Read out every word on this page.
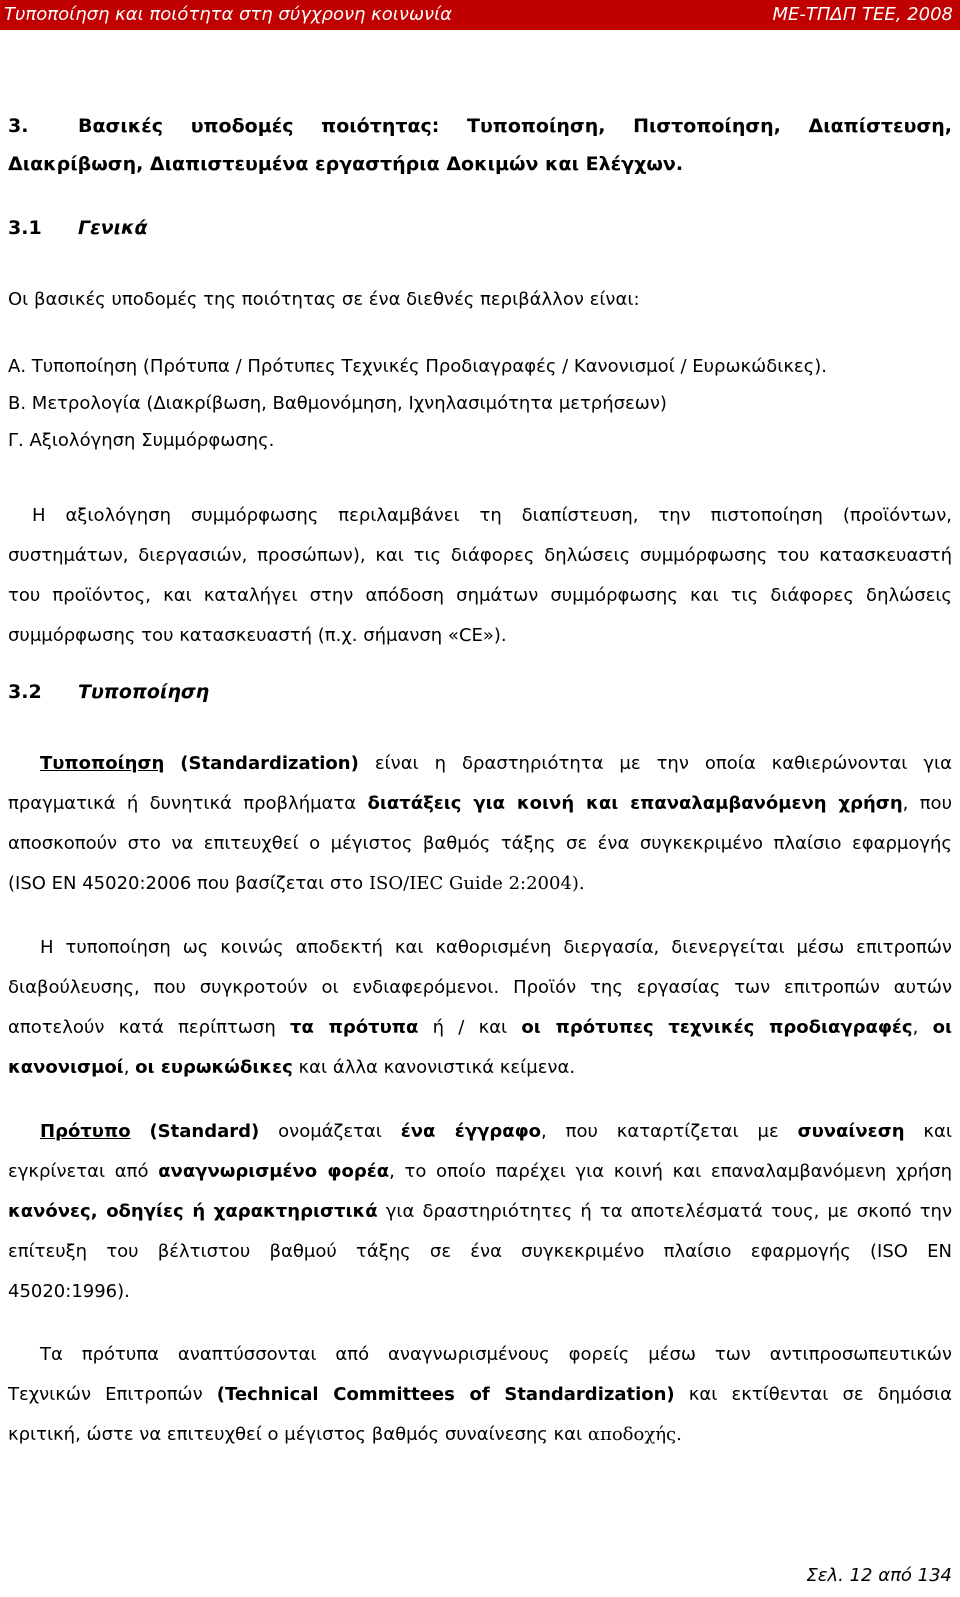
Τυποποίηση και ποιότητα στη σύγχρονη κοινωνία	ΜΕ-ΤΠΔΠ ΤΕΕ, 2008
3.	Βασικές υποδομές ποιότητας: Τυποποίηση, Πιστοποίηση, Διαπίστευση,
Διακρίβωση, Διαπιστευμένα εργαστήρια Δοκιμών και Ελέγχων.
3.1 Γενικά
Οι βασικές υποδομές της ποιότητας σε ένα διεθνές περιβάλλον είναι:
Α. Τυποποίηση (Πρότυπα / Πρότυπες Τεχνικές Προδιαγραφές / Κανονισμοί / Ευρωκώδικες).
Β. Μετρολογία (Διακρίβωση, Βαθμονόμηση, Ιχνηλασιμότητα μετρήσεων)
Γ. Αξιολόγηση Συμμόρφωσης.
Η αξιολόγηση συμμόρφωσης περιλαμβάνει τη διαπίστευση, την πιστοποίηση (προϊόντων,
συστημάτων, διεργασιών, προσώπων), και τις διάφορες δηλώσεις συμμόρφωσης του κατασκευαστή
του προϊόντος, και καταλήγει στην απόδοση σημάτων συμμόρφωσης και τις διάφορες δηλώσεις
συμμόρφωσης του κατασκευαστή (π.χ. σήμανση «CE»).
3.2 Τυποποίηση
Τυποποίηση (Standardization) είναι η δραστηριότητα με την οποία καθιερώνονται για
πραγματικά ή δυνητικά προβλήματα διατάξεις για κοινή και επαναλαμβανόμενη χρήση, που
αποσκοπούν στο να επιτευχθεί ο μέγιστος βαθμός τάξης σε ένα συγκεκριμένο πλαίσιο εφαρμογής
(ISO EN 45020:2006 που βασίζεται στο ISO/IEC Guide 2:2004).
Η τυποποίηση ως κοινώς αποδεκτή και καθορισμένη διεργασία, διενεργείται μέσω επιτροπών
διαβούλευσης, που συγκροτούν οι ενδιαφερόμενοι. Προϊόν της εργασίας των επιτροπών αυτών
αποτελούν κατά περίπτωση τα πρότυπα ή / και οι πρότυπες τεχνικές προδιαγραφές, οι
κανονισμοί, οι ευρωκώδικες και άλλα κανονιστικά κείμενα.
Πρότυπο (Standard) ονομάζεται ένα έγγραφο, που καταρτίζεται με συναίνεση και
εγκρίνεται από αναγνωρισμένο φορέα, το οποίο παρέχει για κοινή και επαναλαμβανόμενη χρήση
κανόνες, οδηγίες ή χαρακτηριστικά για δραστηριότητες ή τα αποτελέσματά τους, με σκοπό την
επίτευξη του βέλτιστου βαθμού τάξης σε ένα συγκεκριμένο πλαίσιο εφαρμογής (ISO EN
45020:1996).
Τα πρότυπα αναπτύσσονται από αναγνωρισμένους φορείς μέσω των αντιπροσωπευτικών
Τεχνικών Επιτροπών (Technical Committees of Standardization) και εκτίθενται σε δημόσια
κριτική, ώστε να επιτευχθεί ο μέγιστος βαθμός συναίνεσης και αποδοχής.
Σελ. 12 από 134
